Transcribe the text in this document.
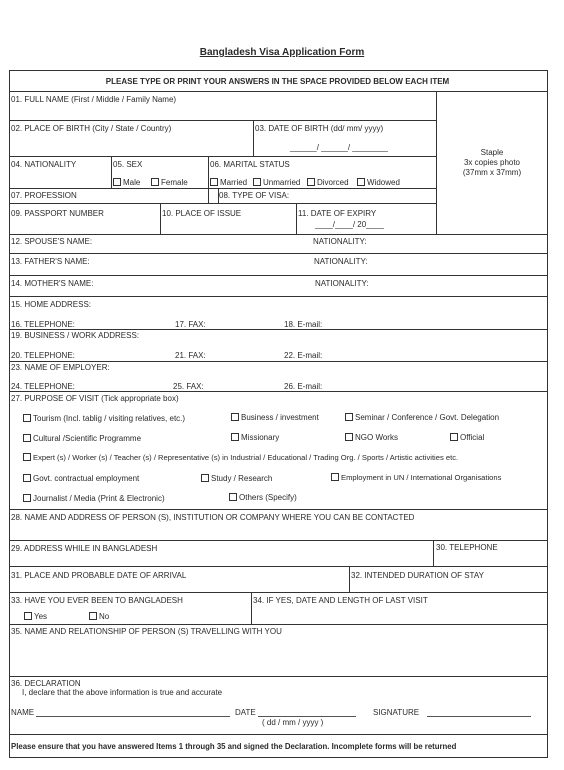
Bangladesh Visa Application Form
PLEASE TYPE OR PRINT YOUR ANSWERS IN THE SPACE PROVIDED BELOW EACH ITEM
Staple
3x copies photo
(37mm x 37mm)
01. FULL NAME (First / Middle / Family Name)
02. PLACE OF BIRTH (City / State / Country)	03. DATE OF BIRTH (dd/ mm/ yyyy)
______/ ______/ ________
04. NATIONALITY	05. SEX
Male	Female
06. MARITAL STATUS
Married	Unmarried	Divorced	Widowed
07. PROFESSION	08. TYPE OF VISA:
09. PASSPORT NUMBER	10. PLACE OF ISSUE	11. DATE OF EXPIRY
____/____/ 20____
12. SPOUSE'S NAME:	NATIONALITY:
13. FATHER'S NAME:	NATIONALITY:
14. MOTHER'S NAME:	NATIONALITY:
15. HOME ADDRESS:
16. TELEPHONE:	17. FAX:	18. E-mail:
19. BUSINESS / WORK ADDRESS:
20. TELEPHONE:	21. FAX:	22. E-mail:
23. NAME OF EMPLOYER:
24. TELEPHONE:	25. FAX:	26. E-mail:
27. PURPOSE OF VISIT (Tick appropriate box)
Tourism (Incl. tablig / visiting relatives, etc.)	Business / investment	Seminar / Conference / Govt. Delegation
Cultural /Scientific Programme	Missionary	NGO Works	Official
Expert (s) / Worker (s) / Teacher (s) / Representative (s) in Industrial / Educational / Trading Org. / Sports / Artistic activities etc.
Govt. contractual employment	Study / Research	Employment in UN / International Organisations
Journalist / Media (Print & Electronic)	Others (Specify)
28. NAME AND ADDRESS OF PERSON (S), INSTITUTION OR COMPANY WHERE YOU CAN BE CONTACTED
29. ADDRESS WHILE IN BANGLADESH	30. TELEPHONE
31. PLACE AND PROBABLE DATE OF ARRIVAL	32. INTENDED DURATION OF STAY
33. HAVE YOU EVER BEEN TO BANGLADESH
Yes	No
34. IF YES, DATE AND LENGTH OF LAST VISIT
35. NAME AND RELATIONSHIP OF PERSON (S) TRAVELLING WITH YOU
36. DECLARATION
I, declare that the above information is true and accurate
NAME	DATE
( dd / mm / yyyy )
SIGNATURE
Please ensure that you have answered Items 1 through 35 and signed the Declaration. Incomplete forms will be returned
